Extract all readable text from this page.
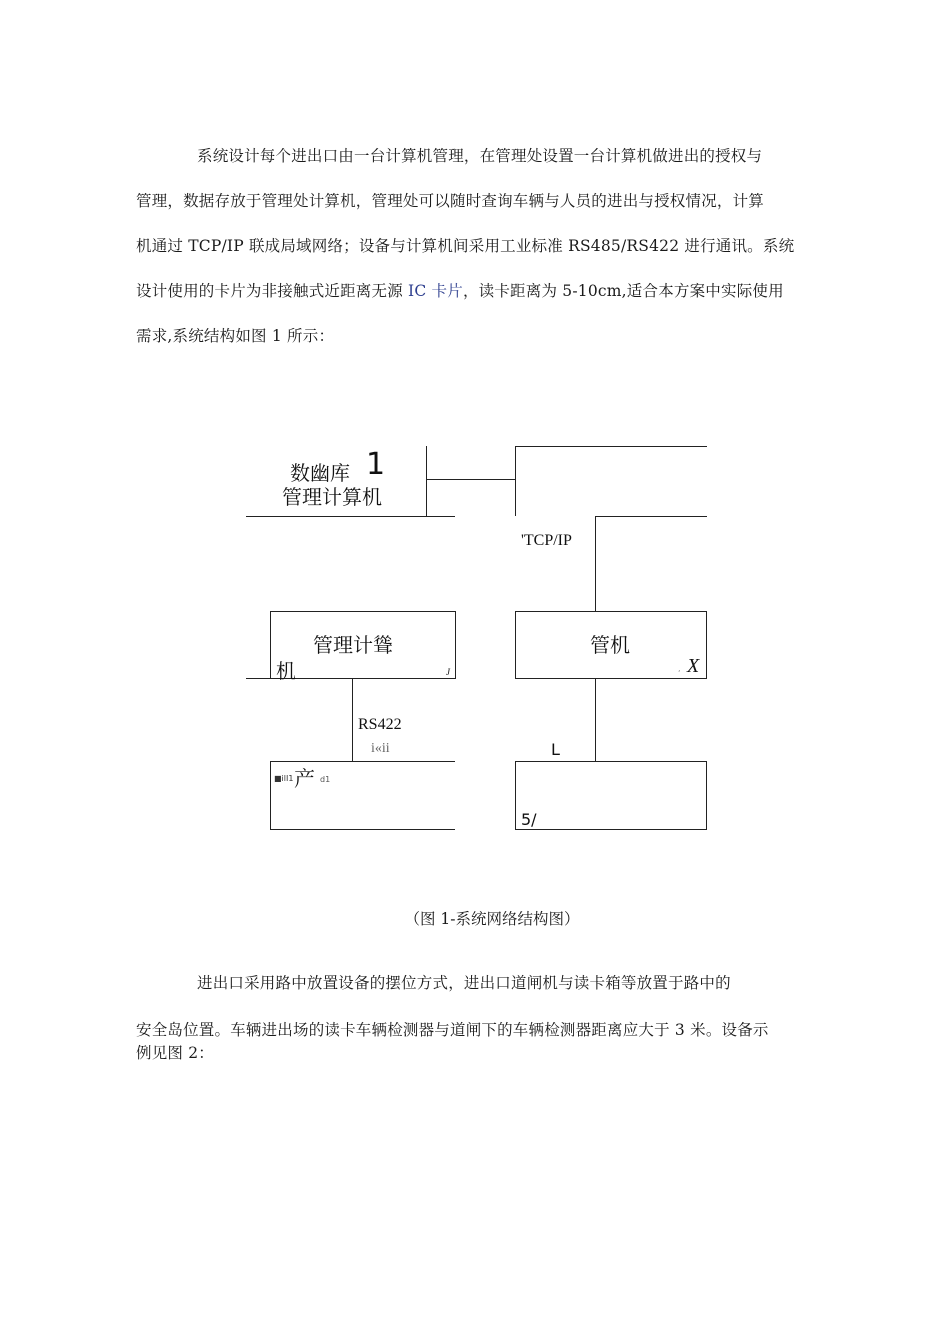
系统设计每个进出口由一台计算机管理，在管理处设置一台计算机做进出的授权与
管理，数据存放于管理处计算机，管理处可以随时查询车辆与人员的进出与授权情况，计算
机通过 TCP/IP 联成局域网络；设备与计算机间采用工业标准 RS485/RS422 进行通讯。系统
设计使用的卡片为非接触式近距离无源 IC 卡片，读卡距离为 5-10cm,适合本方案中实际使用
需求,系统结构如图 1 所示：
数幽库 1
管理计算机
'TCP/IP
管理计聳
机	J
管机
, X
RS422
i«ii
■ilI1 产 d1
L
5/
（图 1-系统网络结构图）
进出口采用路中放置设备的摆位方式，进出口道闸机与读卡箱等放置于路中的
安全岛位置。车辆进出场的读卡车辆检测器与道闸下的车辆检测器距离应大于 3 米。设备示
例见图 2：
